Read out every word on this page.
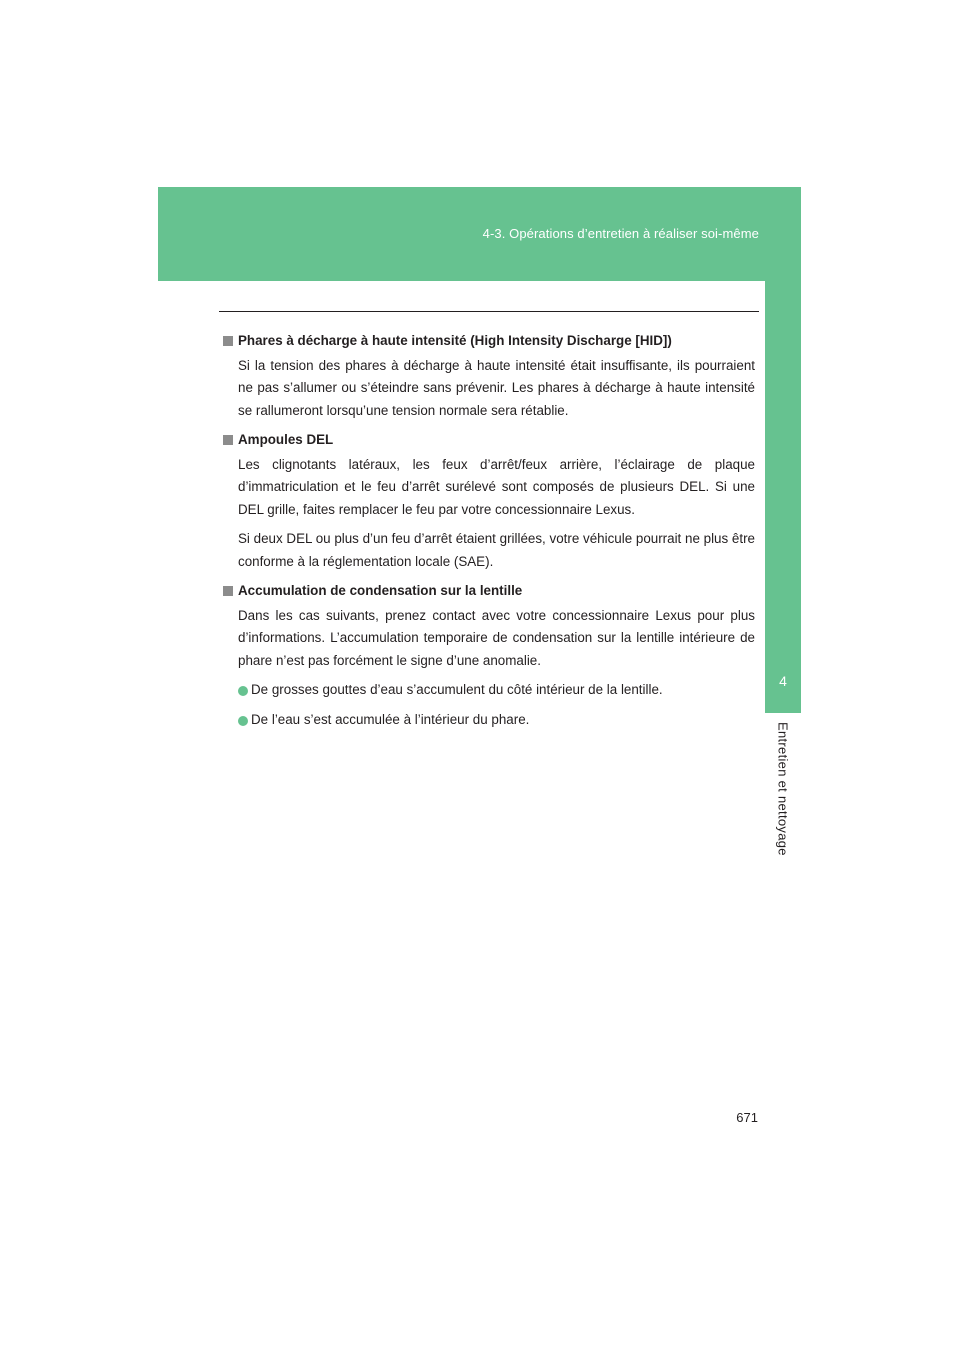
4-3. Opérations d’entretien à réaliser soi-même
4
Entretien et nettoyage

Phares à décharge à haute intensité (High Intensity Discharge [HID])

Si la tension des phares à décharge à haute intensité était insuffisante, ils pourraient ne pas s’allumer ou s’éteindre sans prévenir. Les phares à décharge à haute intensité se rallumeront lorsqu’une tension normale sera rétablie.

Ampoules DEL

Les clignotants latéraux, les feux d’arrêt/feux arrière, l’éclairage de plaque d’immatriculation et le feu d’arrêt surélevé sont composés de plusieurs DEL. Si une DEL grille, faites remplacer le feu par votre concessionnaire Lexus.

Si deux DEL ou plus d’un feu d’arrêt étaient grillées, votre véhicule pourrait ne plus être conforme à la réglementation locale (SAE).

Accumulation de condensation sur la lentille

Dans les cas suivants, prenez contact avec votre concessionnaire Lexus pour plus d’informations. L’accumulation temporaire de condensation sur la lentille intérieure de phare n’est pas forcément le signe d’une anomalie.

De grosses gouttes d’eau s’accumulent du côté intérieur de la lentille.
De l’eau s’est accumulée à l’intérieur du phare.
671
